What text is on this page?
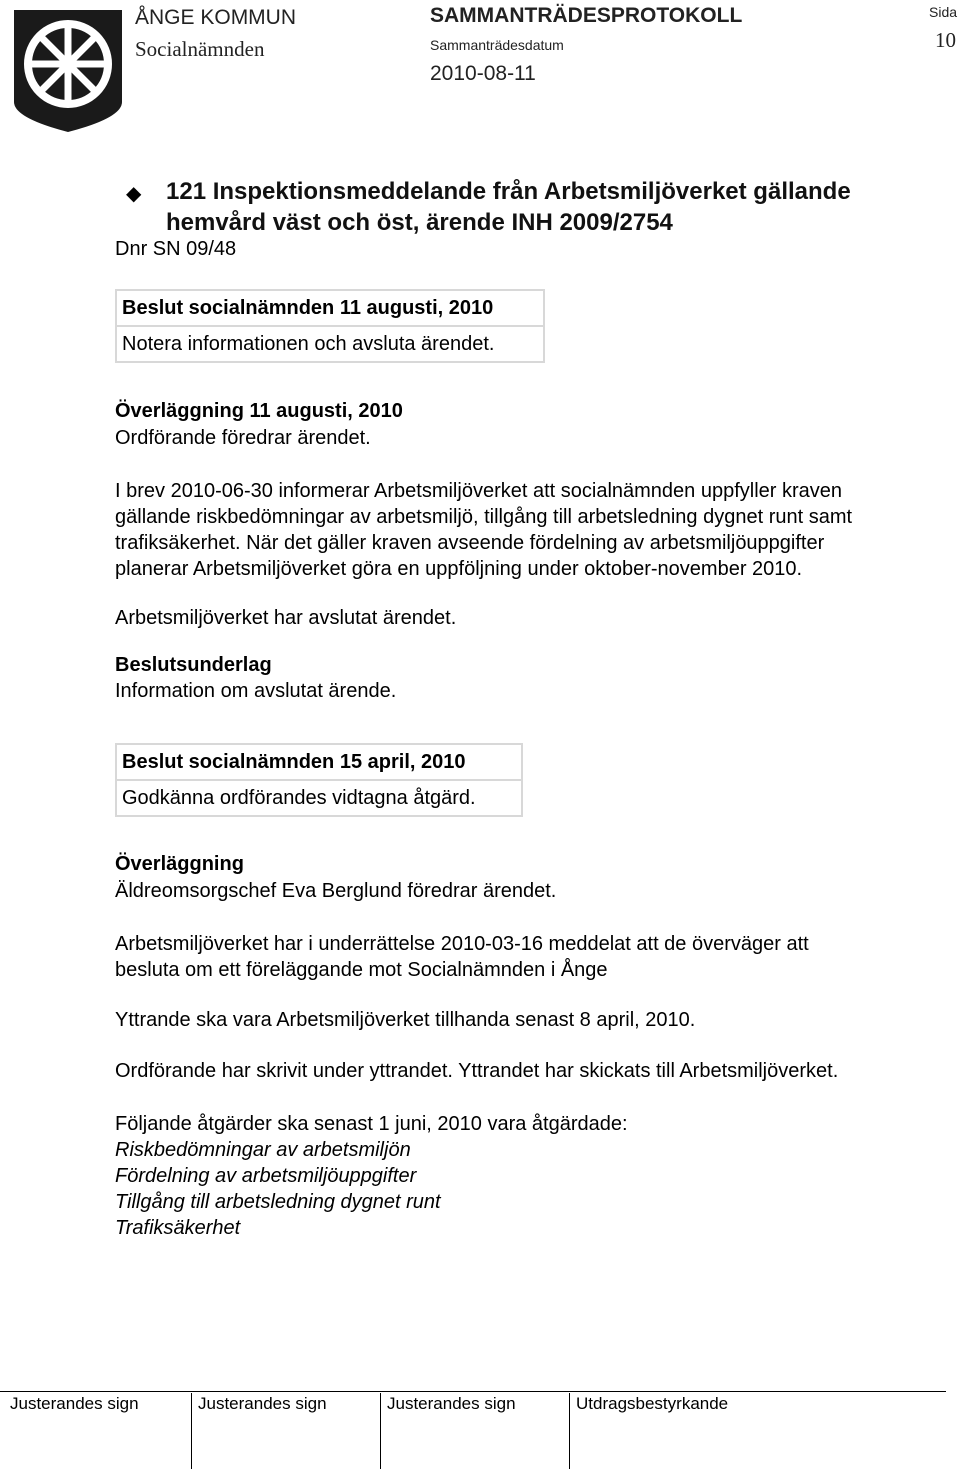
ÅNGE KOMMUN
Socialnämnden
SAMMANTRÄDESPROTOKOLL
Sammanträdesdatum
2010-08-11
Sida
10
◆ 121 Inspektionsmeddelande från Arbetsmiljöverket gällande
hemvård väst och öst, ärende INH 2009/2754
Dnr SN 09/48
Beslut socialnämnden 11 augusti, 2010
Notera informationen och avsluta ärendet.
Överläggning 11 augusti, 2010
Ordförande föredrar ärendet.
I brev 2010-06-30 informerar Arbetsmiljöverket att socialnämnden uppfyller kraven
gällande riskbedömningar av arbetsmiljö, tillgång till arbetsledning dygnet runt samt
trafiksäkerhet. När det gäller kraven avseende fördelning av arbetsmiljöuppgifter
planerar Arbetsmiljöverket göra en uppföljning under oktober-november 2010.
Arbetsmiljöverket har avslutat ärendet.
Beslutsunderlag
Information om avslutat ärende.
Beslut socialnämnden 15 april, 2010
Godkänna ordförandes vidtagna åtgärd.
Överläggning
Äldreomsorgschef Eva Berglund föredrar ärendet.
Arbetsmiljöverket har i underrättelse 2010-03-16 meddelat att de överväger att
besluta om ett föreläggande mot Socialnämnden i Ånge
Yttrande ska vara Arbetsmiljöverket tillhanda senast 8 april, 2010.
Ordförande har skrivit under yttrandet. Yttrandet har skickats till Arbetsmiljöverket.
Följande åtgärder ska senast 1 juni, 2010 vara åtgärdade:
Riskbedömningar av arbetsmiljön
Fördelning av arbetsmiljöuppgifter
Tillgång till arbetsledning dygnet runt
Trafiksäkerhet
Justerandes sign	Justerandes sign	Justerandes sign	Utdragsbestyrkande
